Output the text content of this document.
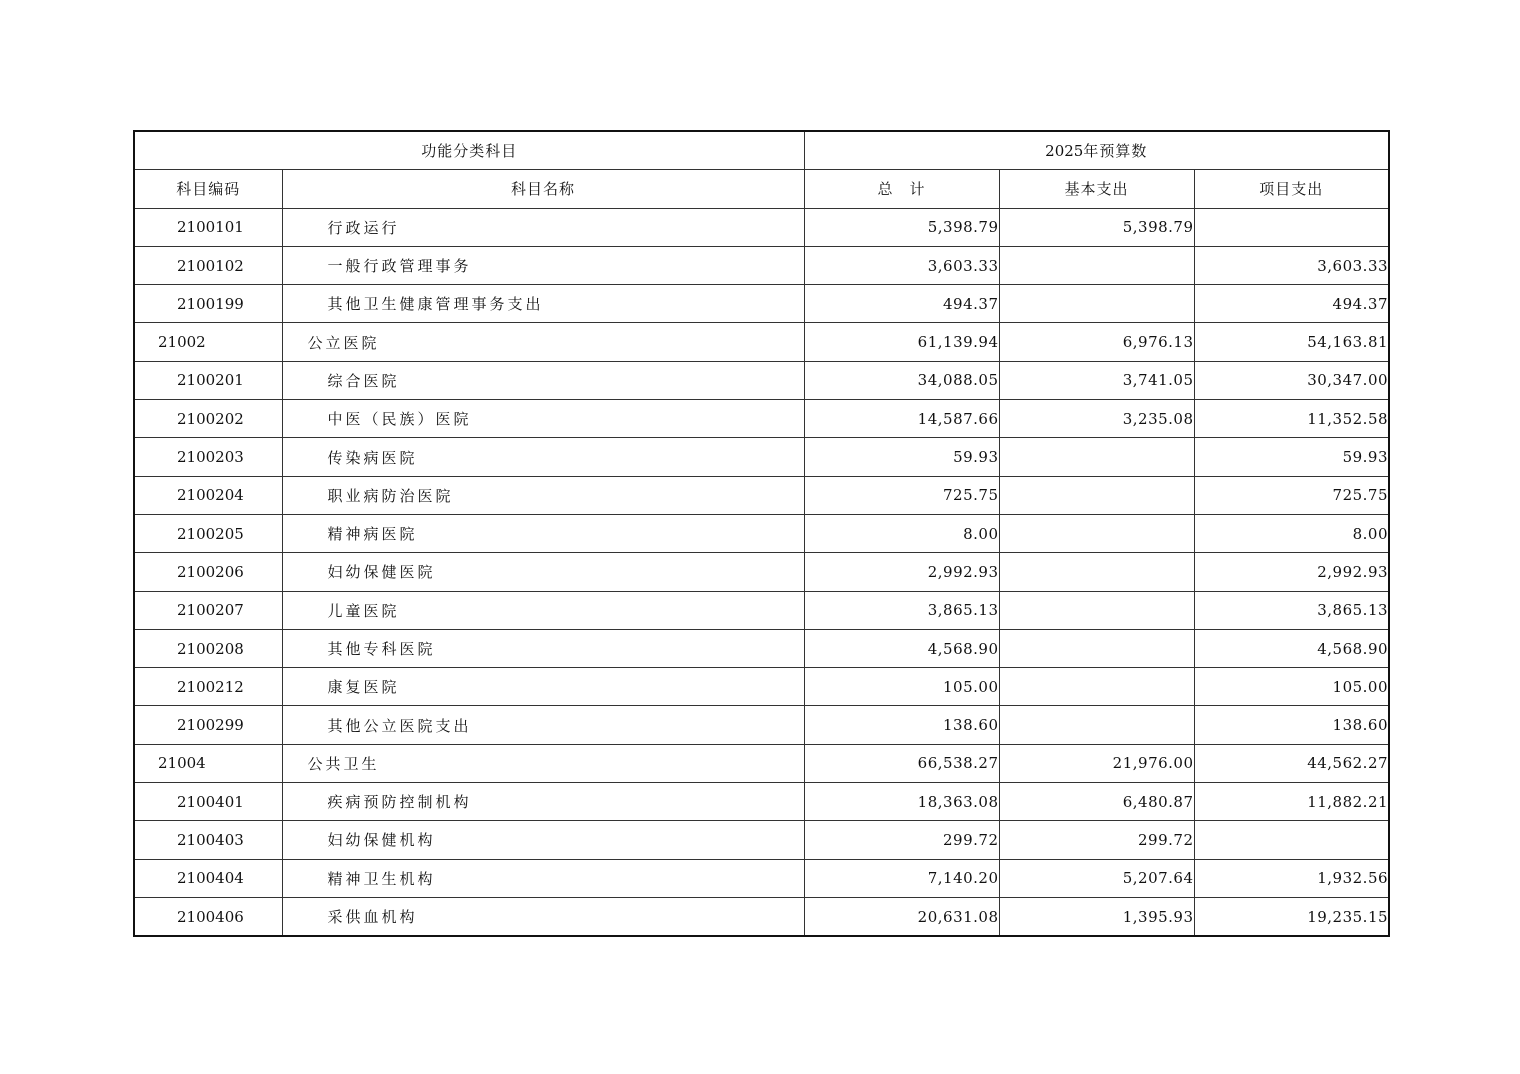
功能分类科目		2025年预算数		
科目编码	科目名称	总　计	基本支出	项目支出
2100101	行政运行	5,398.79	5,398.79	
2100102	一般行政管理事务	3,603.33		3,603.33
2100199	其他卫生健康管理事务支出	494.37		494.37
21002	公立医院	61,139.94	6,976.13	54,163.81
2100201	综合医院	34,088.05	3,741.05	30,347.00
2100202	中医（民族）医院	14,587.66	3,235.08	11,352.58
2100203	传染病医院	59.93		59.93
2100204	职业病防治医院	725.75		725.75
2100205	精神病医院	8.00		8.00
2100206	妇幼保健医院	2,992.93		2,992.93
2100207	儿童医院	3,865.13		3,865.13
2100208	其他专科医院	4,568.90		4,568.90
2100212	康复医院	105.00		105.00
2100299	其他公立医院支出	138.60		138.60
21004	公共卫生	66,538.27	21,976.00	44,562.27
2100401	疾病预防控制机构	18,363.08	6,480.87	11,882.21
2100403	妇幼保健机构	299.72	299.72	
2100404	精神卫生机构	7,140.20	5,207.64	1,932.56
2100406	采供血机构	20,631.08	1,395.93	19,235.15
